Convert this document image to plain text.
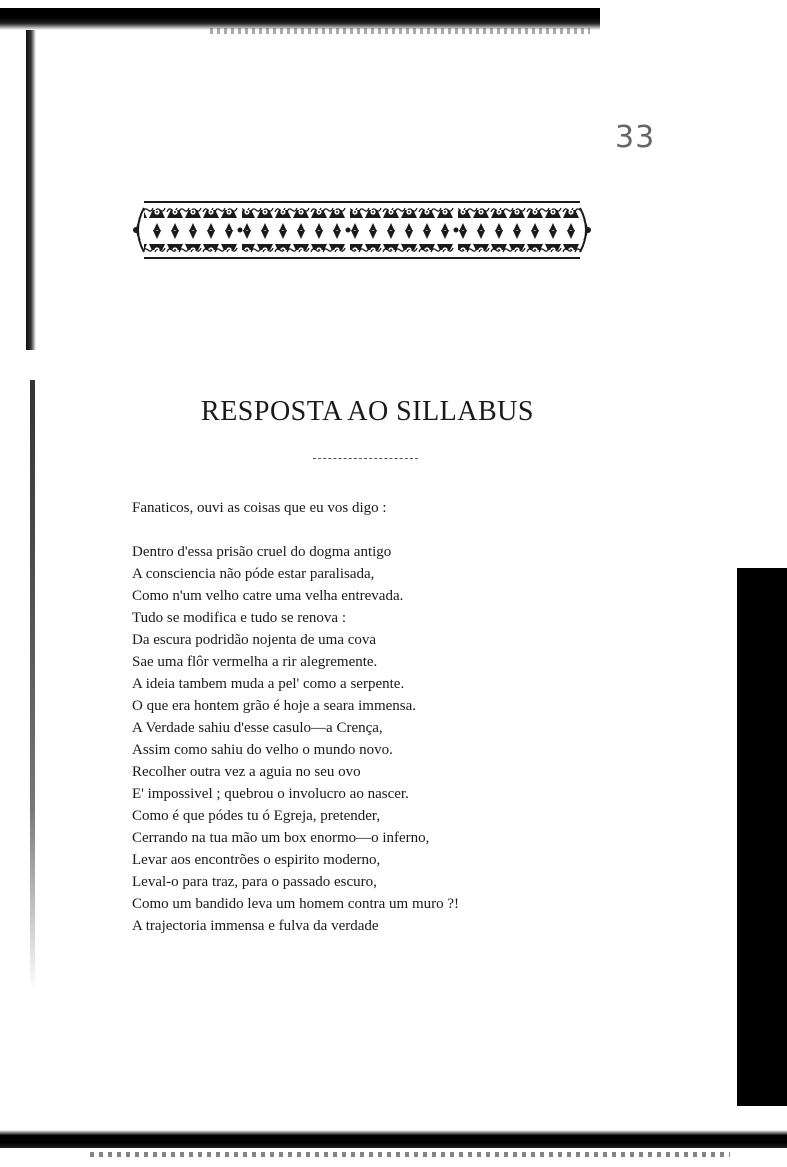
33

RESPOSTA AO SILLABUS
Fanaticos, ouvi as coisas que eu vos digo :
Dentro d'essa prisão cruel do dogma antigo
A consciencia não póde estar paralisada,
Como n'um velho catre uma velha entrevada.
Tudo se modifica e tudo se renova :
Da escura podridão nojenta de uma cova
Sae uma flôr vermelha a rir alegremente.
A ideia tambem muda a pel' como a serpente.
O que era hontem grão é hoje a seara immensa.
A Verdade sahiu d'esse casulo—a Crença,
Assim como sahiu do velho o mundo novo.
Recolher outra vez a aguia no seu ovo
E' impossivel ; quebrou o involucro ao nascer.
Como é que pódes tu ó Egreja, pretender,
Cerrando na tua mão um box enormo—o inferno,
Levar aos encontrões o espirito moderno,
Leval-o para traz, para o passado escuro,
Como um bandido leva um homem contra um muro ?!
A trajectoria immensa e fulva da verdade
